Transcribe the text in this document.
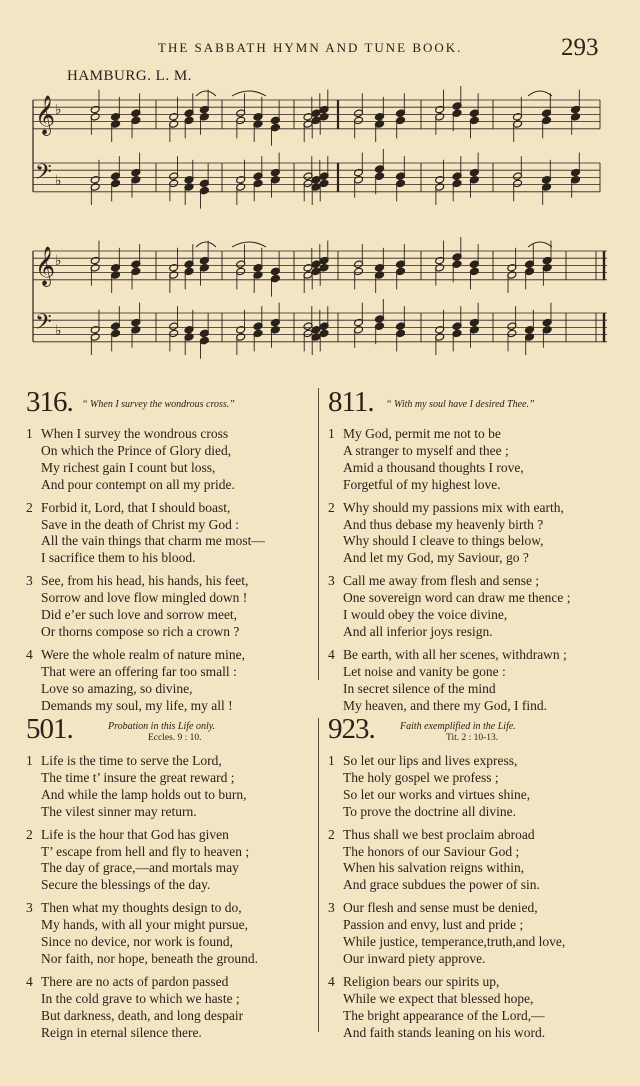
THE SABBATH HYMN AND TUNE BOOK.	293
HAMBURG. L. M.
𝄞 ♭
𝄢 ♭
𝄞 ♭
𝄢 ♭
316. “ When I survey the wondrous cross.”
1 When I survey the wondrous cross
On which the Prince of Glory died,
My richest gain I count but loss,
And pour contempt on all my pride.
2 Forbid it, Lord, that I should boast,
Save in the death of Christ my God :
All the vain things that charm me most—
I sacrifice them to his blood.
3 See, from his head, his hands, his feet,
Sorrow and love flow mingled down !
Did e’er such love and sorrow meet,
Or thorns compose so rich a crown ?
4 Were the whole realm of nature mine,
That were an offering far too small :
Love so amazing, so divine,
Demands my soul, my life, my all !
811. “ With my soul have I desired Thee.”
1 My God, permit me not to be
A stranger to myself and thee ;
Amid a thousand thoughts I rove,
Forgetful of my highest love.
2 Why should my passions mix with earth,
And thus debase my heavenly birth ?
Why should I cleave to things below,
And let my God, my Saviour, go ?
3 Call me away from flesh and sense ;
One sovereign word can draw me thence ;
I would obey the voice divine,
And all inferior joys resign.
4 Be earth, with all her scenes, withdrawn ;
Let noise and vanity be gone :
In secret silence of the mind
My heaven, and there my God, I find.
501.	Probation in this Life only.
Eccles. 9 : 10.
1 Life is the time to serve the Lord,
The time t’ insure the great reward ;
And while the lamp holds out to burn,
The vilest sinner may return.
2 Life is the hour that God has given
T’ escape from hell and fly to heaven ;
The day of grace,—and mortals may
Secure the blessings of the day.
3 Then what my thoughts design to do,
My hands, with all your might pursue,
Since no device, nor work is found,
Nor faith, nor hope, beneath the ground.
4 There are no acts of pardon passed
In the cold grave to which we haste ;
But darkness, death, and long despair
Reign in eternal silence there.
923.	Faith exemplified in the Life.
Tit. 2 : 10-13.
1 So let our lips and lives express,
The holy gospel we profess ;
So let our works and virtues shine,
To prove the doctrine all divine.
2 Thus shall we best proclaim abroad
The honors of our Saviour God ;
When his salvation reigns within,
And grace subdues the power of sin.
3 Our flesh and sense must be denied,
Passion and envy, lust and pride ;
While justice, temperance,truth,and love,
Our inward piety approve.
4 Religion bears our spirits up,
While we expect that blessed hope,
The bright appearance of the Lord,—
And faith stands leaning on his word.
